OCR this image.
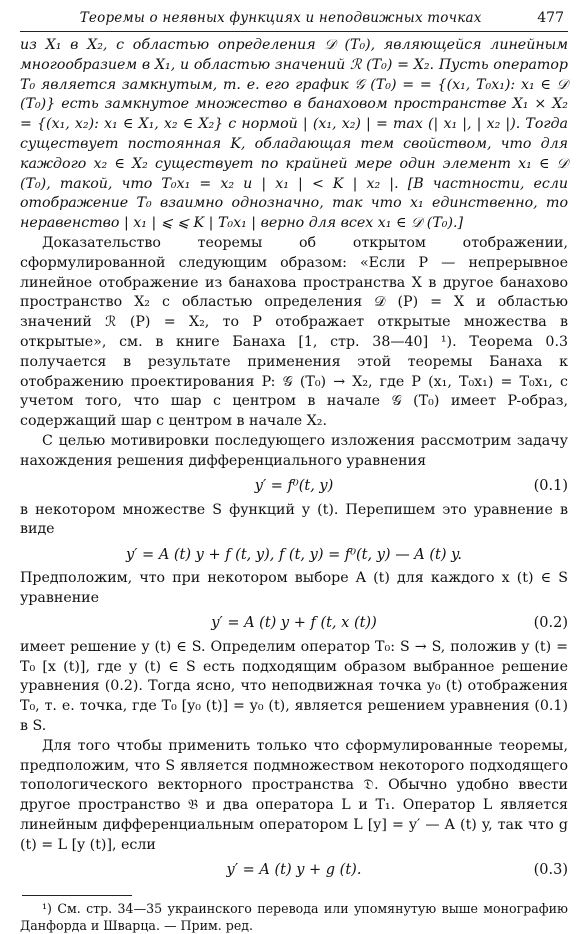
Теоремы о неявных функциях и неподвижных точках	477

из X₁ в X₂, с областью определения 𝒟 (T₀), являющейся линейным многообразием в X₁, и областью значений ℛ (T₀) = X₂. Пусть оператор T₀ является замкнутым, т. е. его график 𝒢 (T₀) = = {(x₁, T₀x₁): x₁ ∈ 𝒟 (T₀)} есть замкнутое множество в банаховом пространстве X₁ × X₂ = {(x₁, x₂): x₁ ∈ X₁, x₂ ∈ X₂} с нормой | (x₁, x₂) | = max (| x₁ |, | x₂ |). Тогда существует постоянная K, обладающая тем свойством, что для каждого x₂ ∈ X₂ существует по крайней мере один элемент x₁ ∈ 𝒟 (T₀), такой, что T₀x₁ = x₂ и | x₁ | < K | x₂ |. [В частности, если отображение T₀ взаимно однозначно, так что x₁ единственно, то неравенство | x₁ | ⩽ ⩽ K | T₀x₁ | верно для всех x₁ ∈ 𝒟 (T₀).]

Доказательство теоремы об открытом отображении, сформулированной следующим образом: «Если P — непрерывное линейное отображение из банахова пространства X в другое банахово пространство X₂ с областью определения 𝒟 (P) = X и областью значений ℛ (P) = X₂, то P отображает открытые множества в открытые», см. в книге Банаха [1, стр. 38—40] ¹). Теорема 0.3 получается в результате применения этой теоремы Банаха к отображению проектирования P: 𝒢 (T₀) → X₂, где P (x₁, T₀x₁) = T₀x₁, с учетом того, что шар с центром в начале 𝒢 (T₀) имеет P-образ, содержащий шар с центром в начале X₂.

С целью мотивировки последующего изложения рассмотрим задачу нахождения решения дифференциального уравнения

y′ = f⁰(t, y)	(0.1)

в некотором множестве S функций y (t). Перепишем это уравнение в виде

y′ = A (t) y + f (t, y), f (t, y) = f⁰(t, y) — A (t) y.

Предположим, что при некотором выборе A (t) для каждого x (t) ∈ S уравнение

y′ = A (t) y + f (t, x (t))	(0.2)

имеет решение y (t) ∈ S. Определим оператор T₀: S → S, положив y (t) = T₀ [x (t)], где y (t) ∈ S есть подходящим образом выбранное решение уравнения (0.2). Тогда ясно, что неподвижная точка y₀ (t) отображения T₀, т. е. точка, где T₀ [y₀ (t)] = y₀ (t), является решением уравнения (0.1) в S.

Для того чтобы применить только что сформулированные теоремы, предположим, что S является подмножеством некоторого подходящего топологического векторного пространства 𝔇. Обычно удобно ввести другое пространство 𝔅 и два оператора L и T₁. Оператор L является линейным дифференциальным оператором L [y] = y′ — A (t) y, так что g (t) = L [y (t)], если

y′ = A (t) y + g (t).	(0.3)

¹) См. стр. 34—35 украинского перевода или упомянутую выше монографию Данфорда и Шварца. — Прим. ред.
